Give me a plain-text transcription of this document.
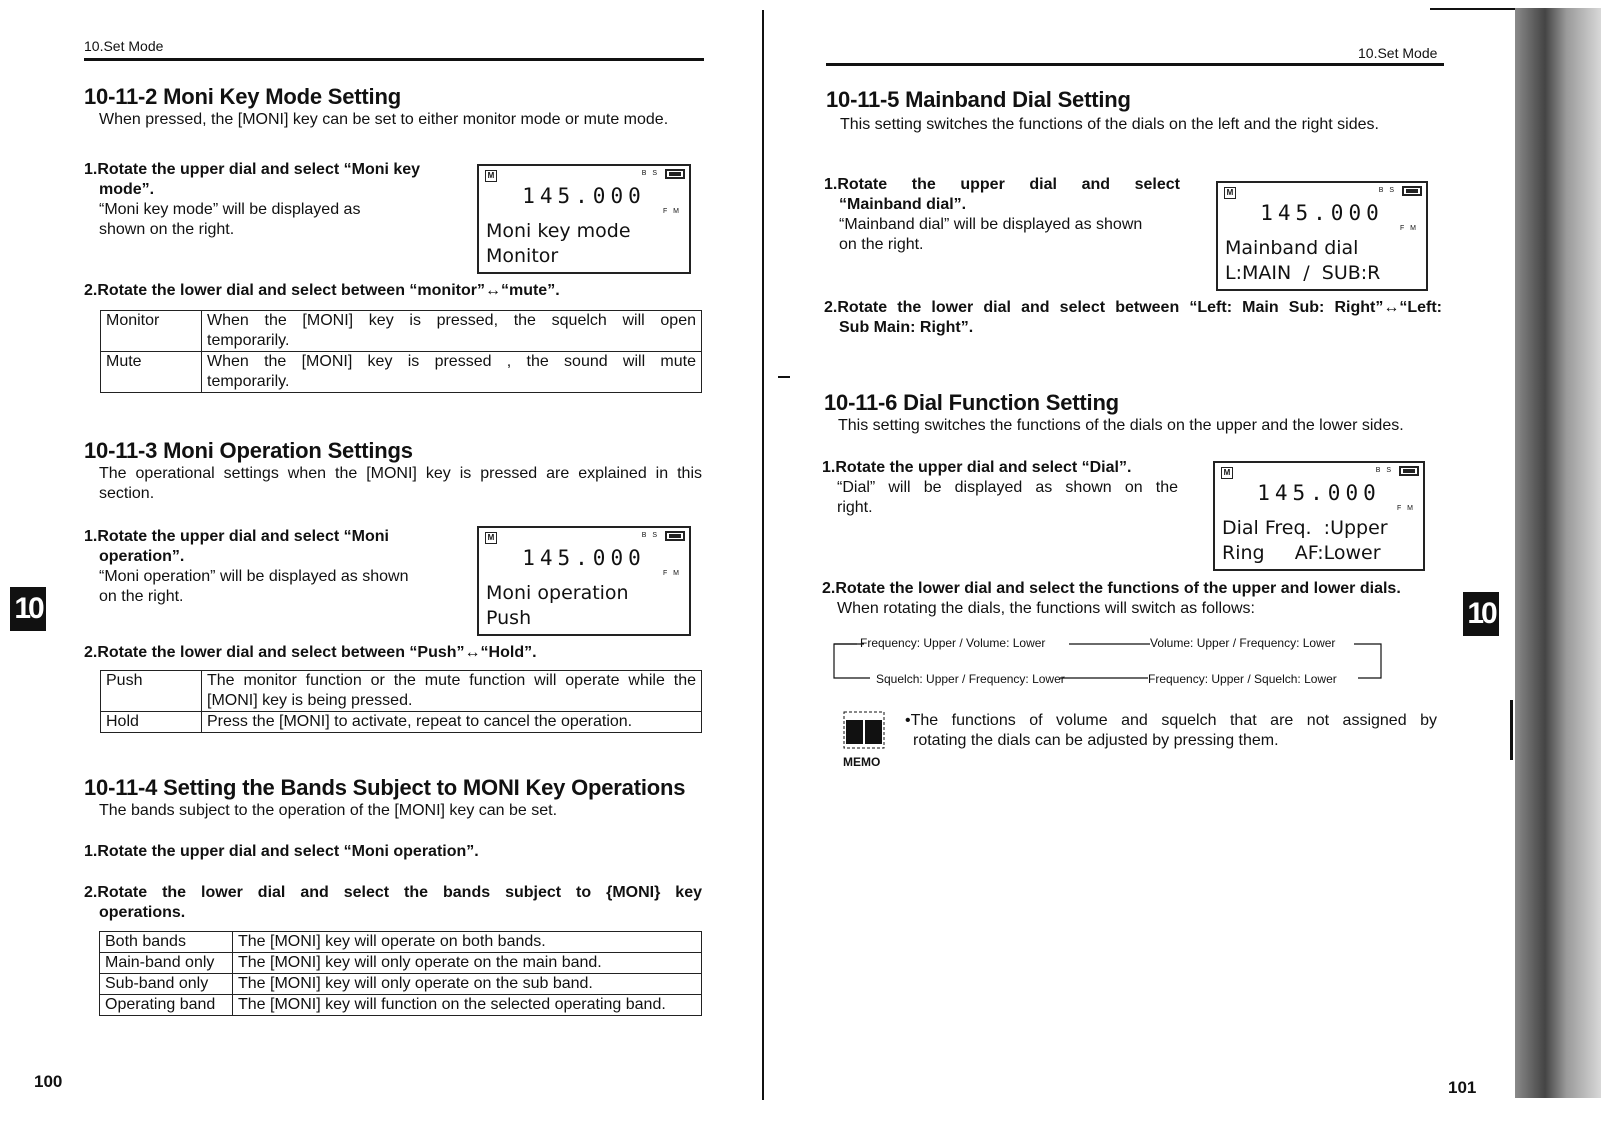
10.Set Mode
10-11-2 Moni Key Mode Setting
When pressed, the [MONI] key can be set to either monitor mode or mute mode.
1.Rotate the upper dial and select “Moni key
mode”.
“Moni key mode” will be displayed as
shown on the right.
M	B S
145.000
F M
Moni key mode
Monitor
2.Rotate the lower dial and select between “monitor”↔“mute”.
Monitor	When the [MONI] key is pressed, the squelch will open
temporarily.

Mute	When the [MONI] key is pressed , the sound will mute
temporarily.
10-11-3 Moni Operation Settings
The operational settings when the [MONI] key is pressed are explained in this
section.
1.Rotate the upper dial and select “Moni
operation”.
“Moni operation” will be displayed as shown
on the right.
M	B S
145.000
F M
Moni operation
Push
2.Rotate the lower dial and select between “Push”↔“Hold”.
Push	The monitor function or the mute function will operate while the
[MONI] key is being pressed.

Hold	Press the [MONI] to activate, repeat to cancel the operation.
10-11-4 Setting the Bands Subject to MONI Key Operations
The bands subject to the operation of the [MONI] key can be set.
1.Rotate the upper dial and select “Moni operation”.
2.Rotate the lower dial and select the bands subject to {MONI} key
operations.
Both bands	The [MONI] key will operate on both bands.
Main-band only	The [MONI] key will only operate on the main band.
Sub-band only	The [MONI] key will only operate on the sub band.
Operating band	The [MONI] key will function on the selected operating band.
10
100
10.Set Mode
10-11-5 Mainband Dial Setting
This setting switches the functions of the dials on the left and the right sides.
1.Rotate the upper dial and select
“Mainband dial”.
“Mainband dial” will be displayed as shown
on the right.
M	B S
145.000
F M
Mainband dial
L:MAIN  /  SUB:R
2.Rotate the lower dial and select between “Left: Main Sub: Right”↔“Left:
Sub Main: Right”.
10-11-6 Dial Function Setting
This setting switches the functions of the dials on the upper and the lower sides.
1.Rotate the upper dial and select “Dial”.
“Dial” will be displayed as shown on the
right.
M	B S
145.000
F M
Dial Freq.  :Upper
Ring     AF:Lower
2.Rotate the lower dial and select the functions of the upper and lower dials.
When rotating the dials, the functions will switch as follows:
Frequency: Upper / Volume: Lower	Volume: Upper / Frequency: Lower
Frequency: Upper / Squelch: Lower
Squelch: Upper / Frequency: Lower
MEMO
•The functions of volume and squelch that are not assigned by
rotating the dials can be adjusted by pressing them.
10
101
